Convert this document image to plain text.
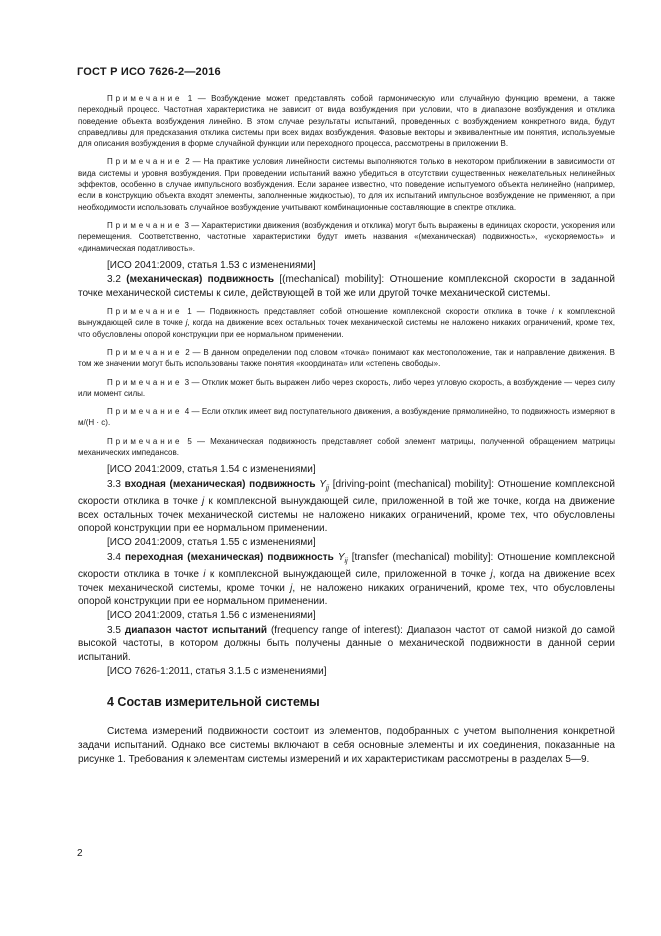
ГОСТ Р ИСО 7626-2—2016

Примечание 1 — Возбуждение может представлять собой гармоническую или случайную функцию времени, а также переходный процесс. Частотная характеристика не зависит от вида возбуждения при условии, что в диапазоне возбуждения и отклика поведение объекта возбуждения линейно. В этом случае результаты испытаний, проведенных с возбуждением конкретного вида, будут справедливы для предсказания отклика системы при всех видах возбуждения. Фазовые векторы и эквивалентные им понятия, используемые для описания возбуждения в форме случайной функции или переходного процесса, рассмотрены в приложении В.

Примечание 2 — На практике условия линейности системы выполняются только в некотором приближении в зависимости от вида системы и уровня возбуждения. При проведении испытаний важно убедиться в отсутствии существенных нежелательных нелинейных эффектов, особенно в случае импульсного возбуждения. Если заранее известно, что поведение испытуемого объекта нелинейно (например, если в конструкцию объекта входят элементы, заполненные жидкостью), то для их испытаний импульсное возбуждение не применяют, а при необходимости использовать случайное возбуждение учитывают комбинационные составляющие в спектре отклика.

Примечание 3 — Характеристики движения (возбуждения и отклика) могут быть выражены в единицах скорости, ускорения или перемещения. Соответственно, частотные характеристики будут иметь названия «(механическая) подвижность», «ускоряемость» и «динамическая податливость».

[ИСО 2041:2009, статья 1.53 с изменениями]

3.2 (механическая) подвижность [(mechanical) mobility]: Отношение комплексной скорости в заданной точке механической системы к силе, действующей в той же или другой точке механической системы.

Примечание 1 — Подвижность представляет собой отношение комплексной скорости отклика в точке i к комплексной вынуждающей силе в точке j, когда на движение всех остальных точек механической системы не наложено никаких ограничений, кроме тех, что обусловлены опорой конструкции при ее нормальном применении.

Примечание 2 — В данном определении под словом «точка» понимают как местоположение, так и направление движения. В том же значении могут быть использованы также понятия «координата» или «степень свободы».

Примечание 3 — Отклик может быть выражен либо через скорость, либо через угловую скорость, а возбуждение — через силу или момент силы.

Примечание 4 — Если отклик имеет вид поступательного движения, а возбуждение прямолинейно, то подвижность измеряют в м/(Н · с).

Примечание 5 — Механическая подвижность представляет собой элемент матрицы, полученной обращением матрицы механических импедансов.

[ИСО 2041:2009, статья 1.54 с изменениями]

3.3 входная (механическая) подвижность $Y_{jj}$ [driving-point (mechanical) mobility]: Отношение комплексной скорости отклика в точке j к комплексной вынуждающей силе, приложенной в той же точке, когда на движение всех остальных точек механической системы не наложено никаких ограничений, кроме тех, что обусловлены опорой конструкции при ее нормальном применении.

[ИСО 2041:2009, статья 1.55 с изменениями]

3.4 переходная (механическая) подвижность $Y_{ij}$ [transfer (mechanical) mobility]: Отношение комплексной скорости отклика в точке i к комплексной вынуждающей силе, приложенной в точке j, когда на движение всех точек механической системы, кроме точки j, не наложено никаких ограничений, кроме тех, что обусловлены опорой конструкции при ее нормальном применении.

[ИСО 2041:2009, статья 1.56 с изменениями]

3.5 диапазон частот испытаний (frequency range of interest): Диапазон частот от самой низкой до самой высокой частоты, в котором должны быть получены данные о механической подвижности в данной серии испытаний.

[ИСО 7626-1:2011, статья 3.1.5 с изменениями]

4 Состав измерительной системы

Система измерений подвижности состоит из элементов, подобранных с учетом выполнения конкретной задачи испытаний. Однако все системы включают в себя основные элементы и их соединения, показанные на рисунке 1. Требования к элементам системы измерений и их характеристикам рассмотрены в разделах 5—9.

2
